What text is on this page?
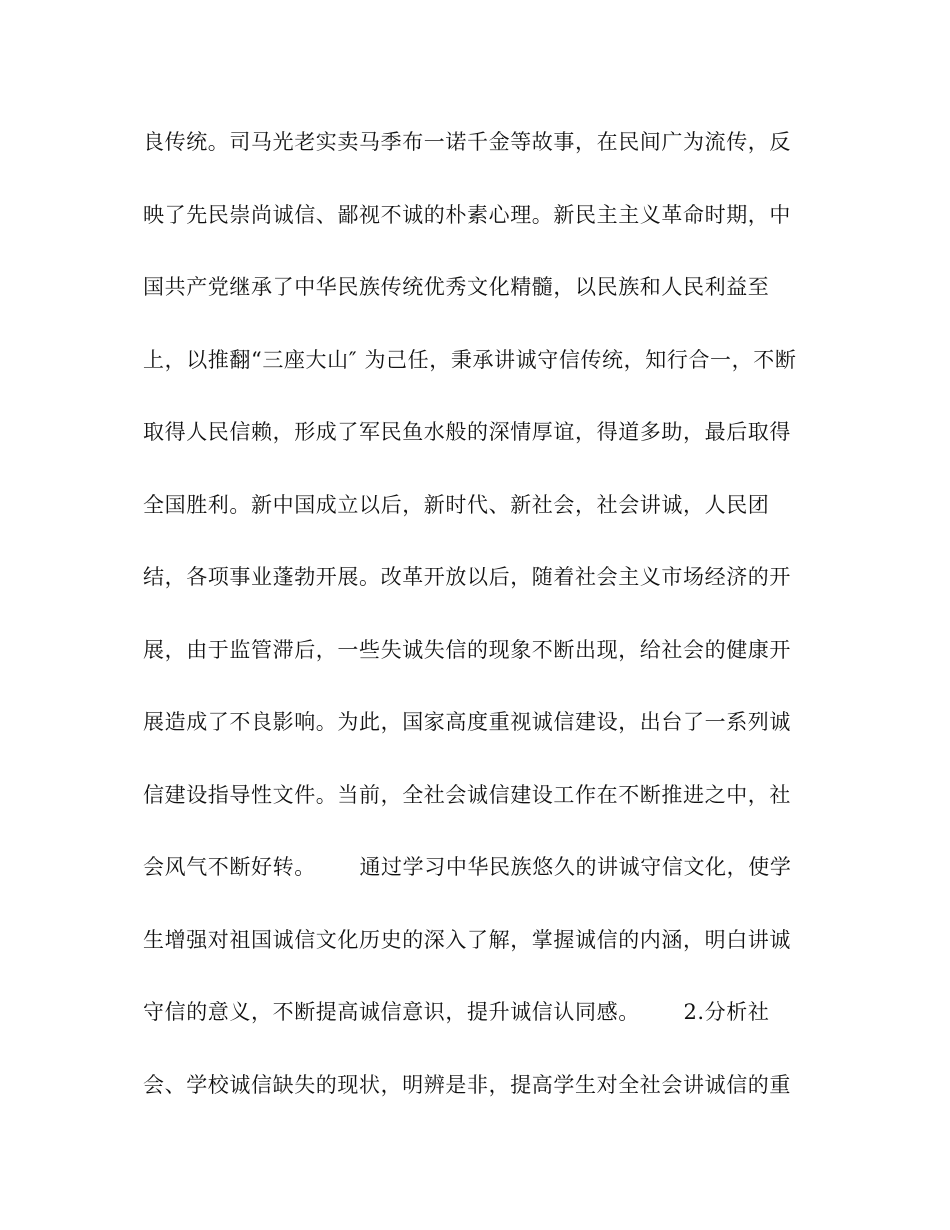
良传统。司马光老实卖马季布一诺千金等故事，在民间广为流传，反
映了先民崇尚诚信、鄙视不诚的朴素心理。新民主主义革命时期，中
国共产党继承了中华民族传统优秀文化精髓，以民族和人民利益至
上，以推翻“三座大山″ 为己任，秉承讲诚守信传统，知行合一，不断
取得人民信赖，形成了军民鱼水般的深情厚谊，得道多助，最后取得
全国胜利。新中国成立以后，新时代、新社会，社会讲诚，人民团
结，各项事业蓬勃开展。改革开放以后，随着社会主义市场经济的开
展，由于监管滞后，一些失诚失信的现象不断出现，给社会的健康开
展造成了不良影响。为此，国家高度重视诚信建设，出台了一系列诚
信建设指导性文件。当前，全社会诚信建设工作在不断推进之中，社
会风气不断好转。      通过学习中华民族悠久的讲诚守信文化，使学
生增强对祖国诚信文化历史的深入了解，掌握诚信的内涵，明白讲诚
守信的意义，不断提高诚信意识，提升诚信认同感。      2.分析社
会、学校诚信缺失的现状，明辨是非，提高学生对全社会讲诚信的重
